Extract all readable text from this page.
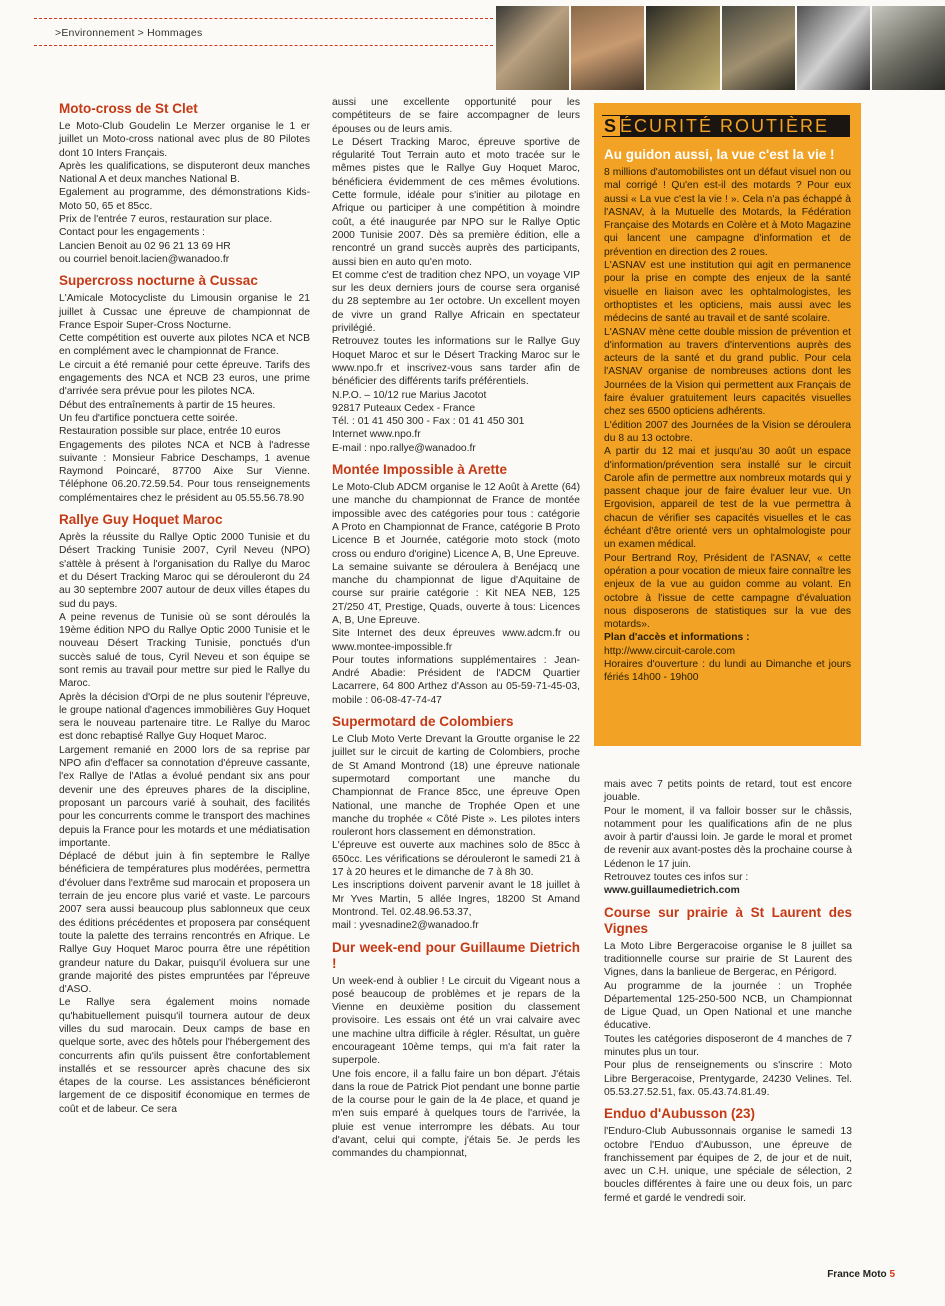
>Environnement > Hommages
Moto-cross de St Clet

Le Moto-Club Goudelin Le Merzer organise le 1 er juillet un Moto-cross national avec plus de 80 Pilotes dont 10 Inters Français.

Après les qualifications, se disputeront deux manches National A et deux manches National B.

Egalement au programme, des démonstrations Kids-Moto 50, 65 et 85cc.

Prix de l'entrée 7 euros, restauration sur place.

Contact pour les engagements :

Lancien Benoit au 02 96 21 13 69 HR

ou courriel benoit.lacien@wanadoo.fr

Supercross nocturne à Cussac

L'Amicale Motocycliste du Limousin organise le 21 juillet à Cussac une épreuve de championnat de France Espoir Super-Cross Nocturne.

Cette compétition est ouverte aux pilotes NCA et NCB en complément avec le championnat de France.

Le circuit a été remanié pour cette épreuve. Tarifs des engagements des NCA et NCB 23 euros, une prime d'arrivée sera prévue pour les pilotes NCA.

Début des entraînements à partir de 15 heures.

Un feu d'artifice ponctuera cette soirée.

Restauration possible sur place, entrée 10 euros

Engagements des pilotes NCA et NCB à l'adresse suivante : Monsieur Fabrice Deschamps, 1 avenue Raymond Poincaré, 87700 Aixe Sur Vienne. Téléphone 06.20.72.59.54. Pour tous renseignements complémentaires chez le président au 05.55.56.78.90

Rallye Guy Hoquet Maroc

Après la réussite du Rallye Optic 2000 Tunisie et du Désert Tracking Tunisie 2007, Cyril Neveu (NPO) s'attèle à présent à l'organisation du Rallye du Maroc et du Désert Tracking Maroc qui se dérouleront du 24 au 30 septembre 2007 autour de deux villes étapes du sud du pays.

A peine revenus de Tunisie où se sont déroulés la 19ème édition NPO du Rallye Optic 2000 Tunisie et le nouveau Désert Tracking Tunisie, ponctués d'un succès salué de tous, Cyril Neveu et son équipe se sont remis au travail pour mettre sur pied le Rallye du Maroc.

Après la décision d'Orpi de ne plus soutenir l'épreuve, le groupe national d'agences immobilières Guy Hoquet sera le nouveau partenaire titre. Le Rallye du Maroc est donc rebaptisé Rallye Guy Hoquet Maroc.

Largement remanié en 2000 lors de sa reprise par NPO afin d'effacer sa connotation d'épreuve cassante, l'ex Rallye de l'Atlas a évolué pendant six ans pour devenir une des épreuves phares de la discipline, proposant un parcours varié à souhait, des facilités pour les concurrents comme le transport des machines depuis la France pour les motards et une médiatisation importante.

Déplacé de début juin à fin septembre le Rallye bénéficiera de températures plus modérées, permettra d'évoluer dans l'extrême sud marocain et proposera un terrain de jeu encore plus varié et vaste. Le parcours 2007 sera aussi beaucoup plus sablonneux que ceux des éditions précédentes et proposera par conséquent toute la palette des terrains rencontrés en Afrique. Le Rallye Guy Hoquet Maroc pourra être une répétition grandeur nature du Dakar, puisqu'il évoluera sur une grande majorité des pistes empruntées par l'épreuve d'ASO.

Le Rallye sera également moins nomade qu'habituellement puisqu'il tournera autour de deux villes du sud marocain. Deux camps de base en quelque sorte, avec des hôtels pour l'hébergement des concurrents afin qu'ils puissent être confortablement installés et se ressourcer après chacune des six étapes de la course. Les assistances bénéficieront largement de ce dispositif économique en termes de coût et de labeur. Ce sera

aussi une excellente opportunité pour les compétiteurs de se faire accompagner de leurs épouses ou de leurs amis.

Le Désert Tracking Maroc, épreuve sportive de régularité Tout Terrain auto et moto tracée sur le mêmes pistes que le Rallye Guy Hoquet Maroc, bénéficiera évidemment de ces mêmes évolutions. Cette formule, idéale pour s'initier au pilotage en Afrique ou participer à une compétition à moindre coût, a été inaugurée par NPO sur le Rallye Optic 2000 Tunisie 2007. Dès sa première édition, elle a rencontré un grand succès auprès des participants, aussi bien en auto qu'en moto.

Et comme c'est de tradition chez NPO, un voyage VIP sur les deux derniers jours de course sera organisé du 28 septembre au 1er octobre. Un excellent moyen de vivre un grand Rallye Africain en spectateur privilégié.

Retrouvez toutes les informations sur le Rallye Guy Hoquet Maroc et sur le Désert Tracking Maroc sur le www.npo.fr et inscrivez-vous sans tarder afin de bénéficier des différents tarifs préférentiels.

N.P.O. – 10/12 rue Marius Jacotot

92817 Puteaux Cedex - France

Tél. : 01 41 450 300 - Fax : 01 41 450 301

Internet www.npo.fr

E-mail : npo.rallye@wanadoo.fr

Montée Impossible à Arette

Le Moto-Club ADCM organise le 12 Août à Arette (64) une manche du championnat de France de montée impossible avec des catégories pour tous : catégorie A Proto en Championnat de France, catégorie B Proto Licence B et Journée, catégorie moto stock (moto cross ou enduro d'origine) Licence A, B, Une Epreuve.

La semaine suivante se déroulera à Benéjacq une manche du championnat de ligue d'Aquitaine de course sur prairie catégorie : Kit NEA NEB, 125 2T/250 4T, Prestige, Quads, ouverte à tous: Licences A, B, Une Epreuve.

Site Internet des deux épreuves www.adcm.fr ou www.montee-impossible.fr

Pour toutes informations supplémentaires : Jean-André Abadie: Président de l'ADCM Quartier Lacarrere, 64 800 Arthez d'Asson au 05-59-71-45-03, mobile : 06-08-47-74-47

Supermotard de Colombiers

Le Club Moto Verte Drevant la Groutte organise le 22 juillet sur le circuit de karting de Colombiers, proche de St Amand Montrond (18) une épreuve nationale supermotard comportant une manche du Championnat de France 85cc, une épreuve Open National, une manche de Trophée Open et une manche du trophée « Côté Piste ». Les pilotes inters rouleront hors classement en démonstration.

L'épreuve est ouverte aux machines solo de 85cc à 650cc. Les vérifications se dérouleront le samedi 21 à 17 à 20 heures et le dimanche de 7 à 8h 30.

Les inscriptions doivent parvenir avant le 18 juillet à Mr Yves Martin, 5 allée Ingres, 18200 St Amand Montrond. Tel. 02.48.96.53.37,

mail : yvesnadine2@wanadoo.fr

Dur week-end pour Guillaume Dietrich !

Un week-end à oublier ! Le circuit du Vigeant nous a posé beaucoup de problèmes et je repars de la Vienne en deuxième position du classement provisoire. Les essais ont été un vrai calvaire avec une machine ultra difficile à régler. Résultat, un guère encourageant 10ème temps, qui m'a fait rater la superpole.

Une fois encore, il a fallu faire un bon départ. J'étais dans la roue de Patrick Piot pendant une bonne partie de la course pour le gain de la 4e place, et quand je m'en suis emparé à quelques tours de l'arrivée, la pluie est venue interrompre les débats. Au tour d'avant, celui qui compte, j'étais 5e. Je perds les commandes du championnat,

S ÉCURITÉ ROUTIÈRE
Au guidon aussi, la vue c'est la vie !

8 millions d'automobilistes ont un défaut visuel non ou mal corrigé ! Qu'en est-il des motards ? Pour eux aussi « La vue c'est la vie ! ». Cela n'a pas échappé à l'ASNAV, à la Mutuelle des Motards, la Fédération Française des Motards en Colère et à Moto Magazine qui lancent une campagne d'information et de prévention en direction des 2 roues.

L'ASNAV est une institution qui agit en permanence pour la prise en compte des enjeux de la santé visuelle en liaison avec les ophtalmologistes, les orthoptistes et les opticiens, mais aussi avec les médecins de santé au travail et de santé scolaire.

L'ASNAV mène cette double mission de prévention et d'information au travers d'interventions auprès des acteurs de la santé et du grand public. Pour cela l'ASNAV organise de nombreuses actions dont les Journées de la Vision qui permettent aux Français de faire évaluer gratuitement leurs capacités visuelles chez ses 6500 opticiens adhérents.

L'édition 2007 des Journées de la Vision se déroulera du 8 au 13 octobre.

A partir du 12 mai et jusqu'au 30 août un espace d'information/prévention sera installé sur le circuit Carole afin de permettre aux nombreux motards qui y passent chaque jour de faire évaluer leur vue. Un Ergovision, appareil de test de la vue permettra à chacun de vérifier ses capacités visuelles et le cas échéant d'être orienté vers un ophtalmologiste pour un examen médical.

Pour Bertrand Roy, Président de l'ASNAV, « cette opération a pour vocation de mieux faire connaître les enjeux de la vue au guidon comme au volant. En octobre à l'issue de cette campagne d'évaluation nous disposerons de statistiques sur la vue des motards».

Plan d'accès et informations :

http://www.circuit-carole.com

Horaires d'ouverture : du lundi au Dimanche et jours fériés 14h00 - 19h00

mais avec 7 petits points de retard, tout est encore jouable.

Pour le moment, il va falloir bosser sur le châssis, notamment pour les qualifications afin de ne plus avoir à partir d'aussi loin. Je garde le moral et promet de revenir aux avant-postes dès la prochaine course à Lédenon le 17 juin.

Retrouvez toutes ces infos sur :

www.guillaumedietrich.com

Course sur prairie à St Laurent des Vignes

La Moto Libre Bergeracoise organise le 8 juillet sa traditionnelle course sur prairie de St Laurent des Vignes, dans la banlieue de Bergerac, en Périgord.

Au programme de la journée : un Trophée Départemental 125-250-500 NCB, un Championnat de Ligue Quad, un Open National et une manche éducative.

Toutes les catégories disposeront de 4 manches de 7 minutes plus un tour.

Pour plus de renseignements ou s'inscrire : Moto Libre Bergeracoise, Prentygarde, 24230 Velines. Tel. 05.53.27.52.51, fax. 05.43.74.81.49.

Enduo d'Aubusson (23)

l'Enduro-Club Aubussonnais organise le samedi 13 octobre l'Enduo d'Aubusson, une épreuve de franchissement par équipes de 2, de jour et de nuit, avec un C.H. unique, une spéciale de sélection, 2 boucles différentes à faire une ou deux fois, un parc fermé et gardé le vendredi soir.

France Moto 5
